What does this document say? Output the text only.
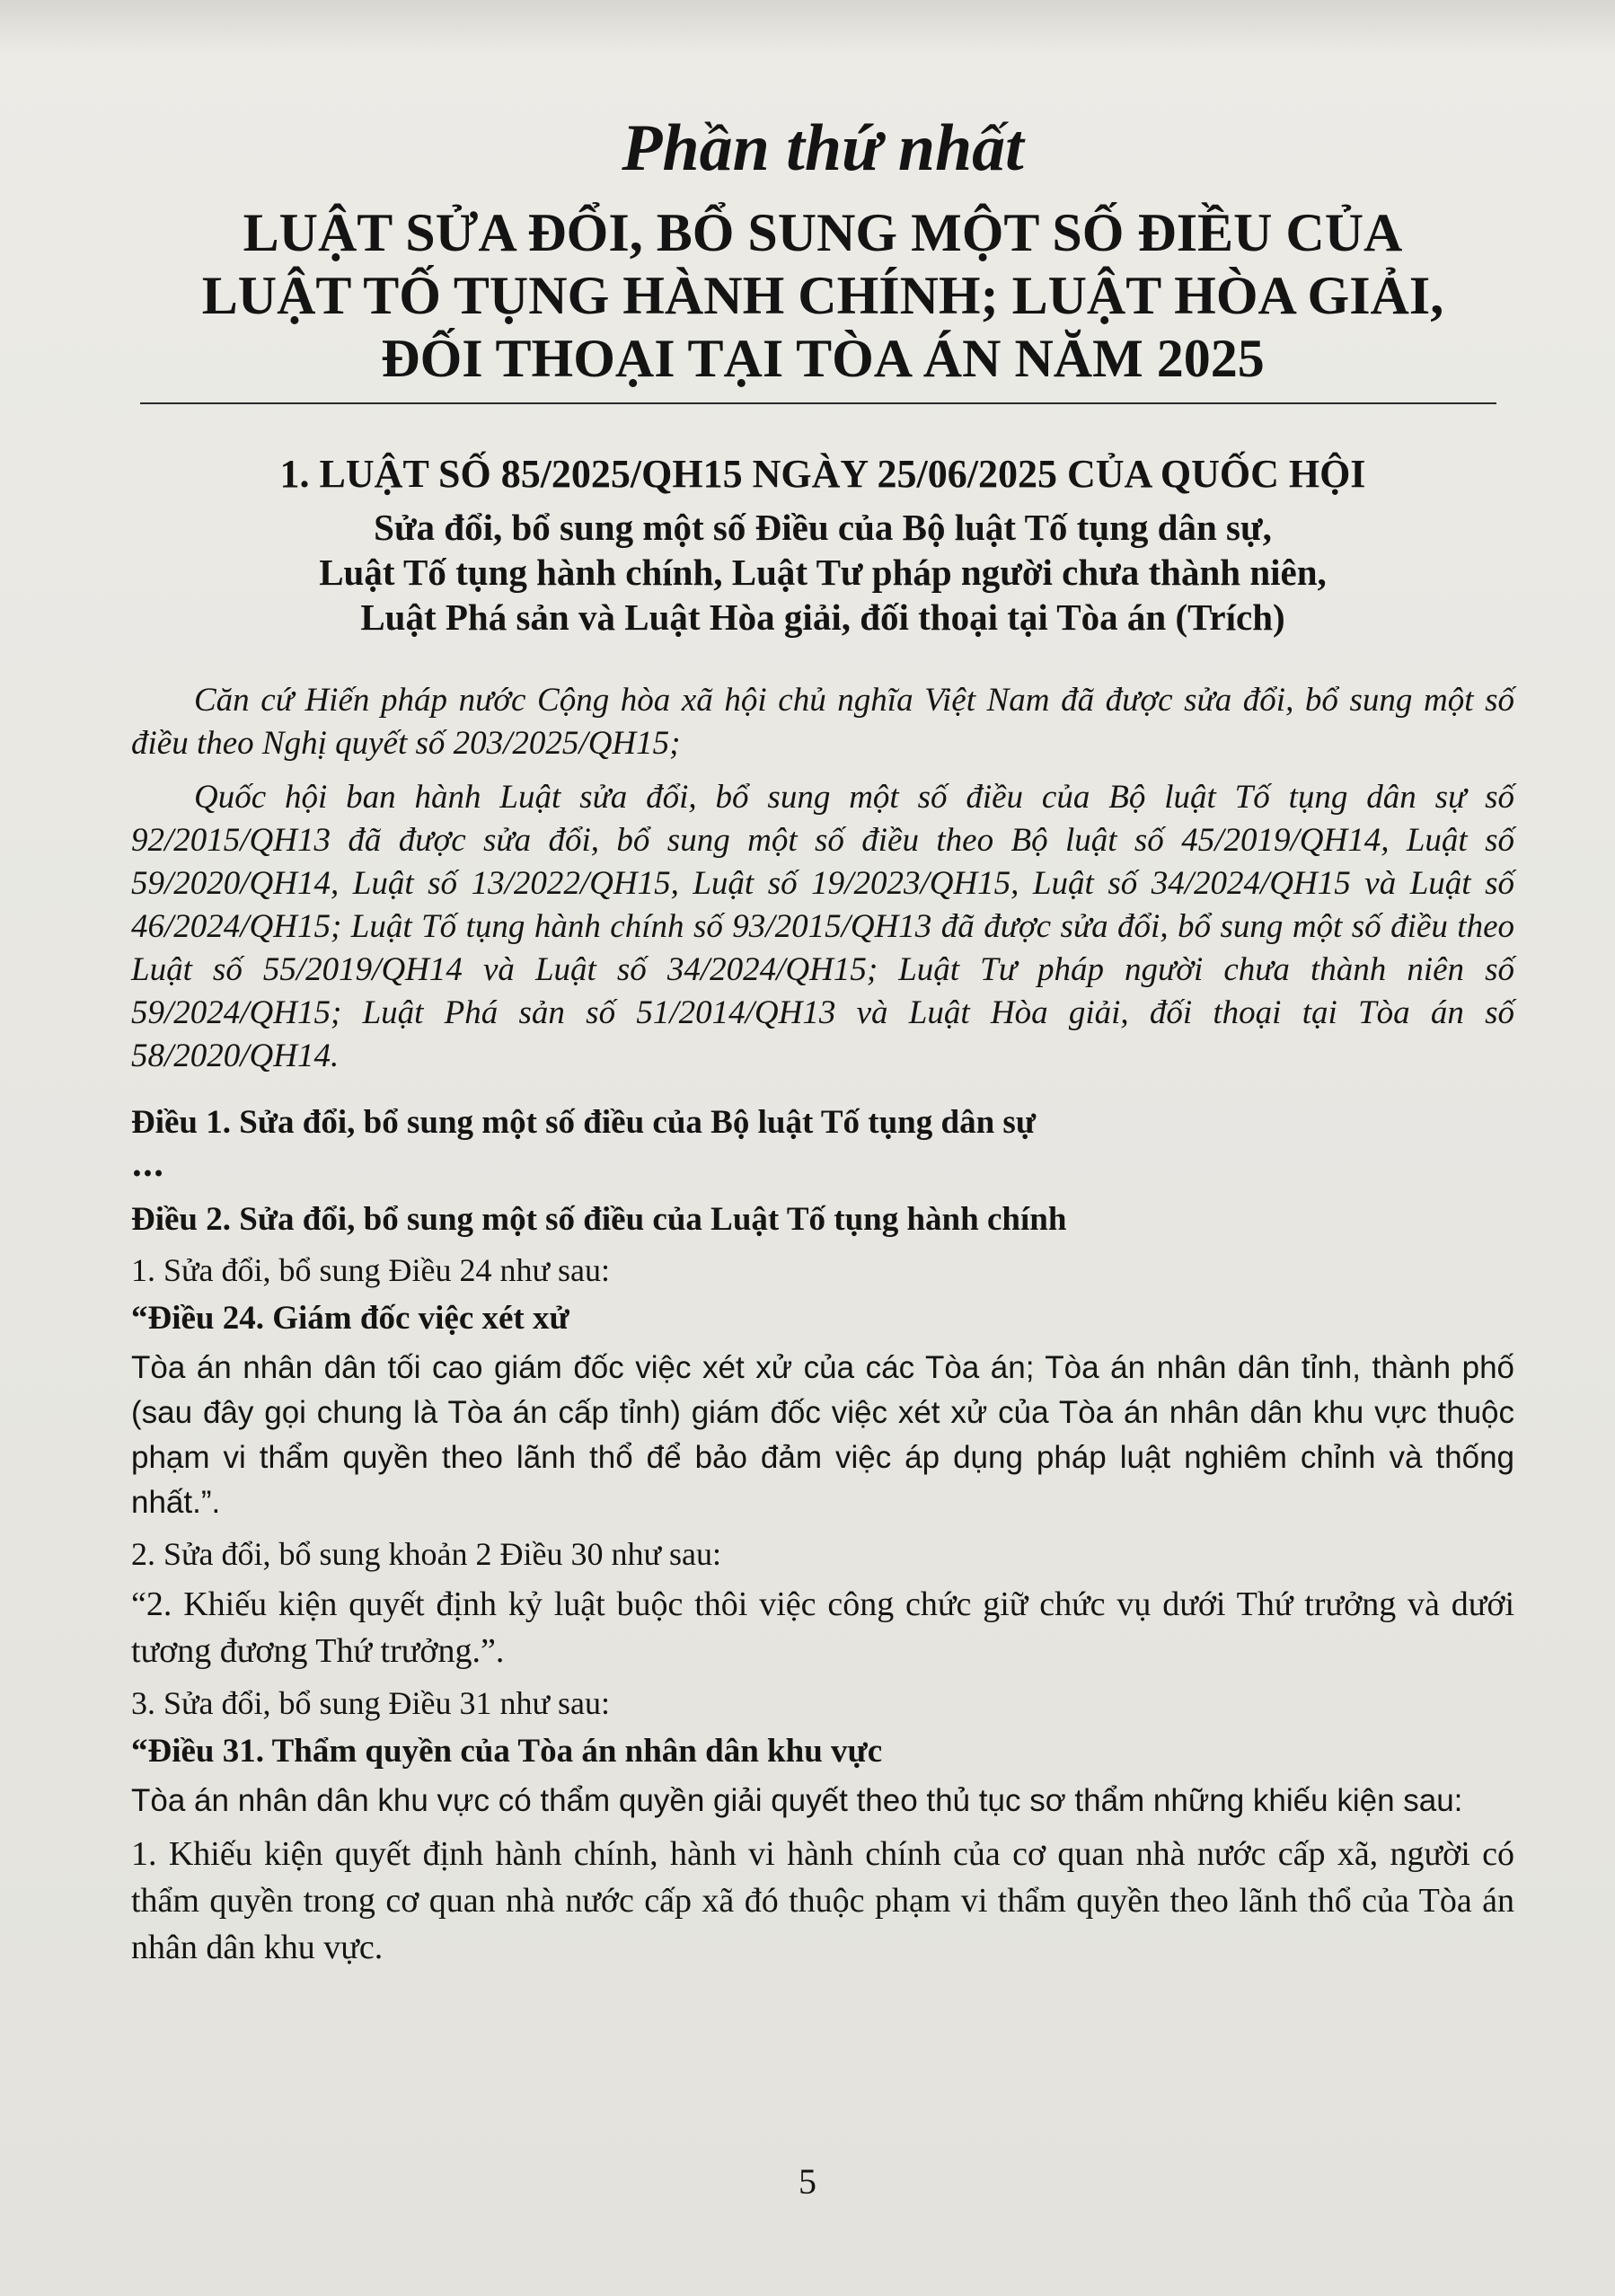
Phần thứ nhất
LUẬT SỬA ĐỔI, BỔ SUNG MỘT SỐ ĐIỀU CỦA
LUẬT TỐ TỤNG HÀNH CHÍNH; LUẬT HÒA GIẢI,
ĐỐI THOẠI TẠI TÒA ÁN NĂM 2025
1. LUẬT SỐ 85/2025/QH15 NGÀY 25/06/2025 CỦA QUỐC HỘI
Sửa đổi, bổ sung một số Điều của Bộ luật Tố tụng dân sự,
Luật Tố tụng hành chính, Luật Tư pháp người chưa thành niên,
Luật Phá sản và Luật Hòa giải, đối thoại tại Tòa án (Trích)

Căn cứ Hiến pháp nước Cộng hòa xã hội chủ nghĩa Việt Nam đã được sửa đổi, bổ sung một số điều theo Nghị quyết số 203/2025/QH15;

Quốc hội ban hành Luật sửa đổi, bổ sung một số điều của Bộ luật Tố tụng dân sự số 92/2015/QH13 đã được sửa đổi, bổ sung một số điều theo Bộ luật số 45/2019/QH14, Luật số 59/2020/QH14, Luật số 13/2022/QH15, Luật số 19/2023/QH15, Luật số 34/2024/QH15 và Luật số 46/2024/QH15; Luật Tố tụng hành chính số 93/2015/QH13 đã được sửa đổi, bổ sung một số điều theo Luật số 55/2019/QH14 và Luật số 34/2024/QH15; Luật Tư pháp người chưa thành niên số 59/2024/QH15; Luật Phá sản số 51/2014/QH13 và Luật Hòa giải, đối thoại tại Tòa án số 58/2020/QH14.

Điều 1. Sửa đổi, bổ sung một số điều của Bộ luật Tố tụng dân sự
…
Điều 2. Sửa đổi, bổ sung một số điều của Luật Tố tụng hành chính
1. Sửa đổi, bổ sung Điều 24 như sau:
“Điều 24. Giám đốc việc xét xử

Tòa án nhân dân tối cao giám đốc việc xét xử của các Tòa án; Tòa án nhân dân tỉnh, thành phố (sau đây gọi chung là Tòa án cấp tỉnh) giám đốc việc xét xử của Tòa án nhân dân khu vực thuộc phạm vi thẩm quyền theo lãnh thổ để bảo đảm việc áp dụng pháp luật nghiêm chỉnh và thống nhất.”.

2. Sửa đổi, bổ sung khoản 2 Điều 30 như sau:

“2. Khiếu kiện quyết định kỷ luật buộc thôi việc công chức giữ chức vụ dưới Thứ trưởng và dưới tương đương Thứ trưởng.”.

3. Sửa đổi, bổ sung Điều 31 như sau:
“Điều 31. Thẩm quyền của Tòa án nhân dân khu vực

Tòa án nhân dân khu vực có thẩm quyền giải quyết theo thủ tục sơ thẩm những khiếu kiện sau:

1. Khiếu kiện quyết định hành chính, hành vi hành chính của cơ quan nhà nước cấp xã, người có thẩm quyền trong cơ quan nhà nước cấp xã đó thuộc phạm vi thẩm quyền theo lãnh thổ của Tòa án nhân dân khu vực.

5
